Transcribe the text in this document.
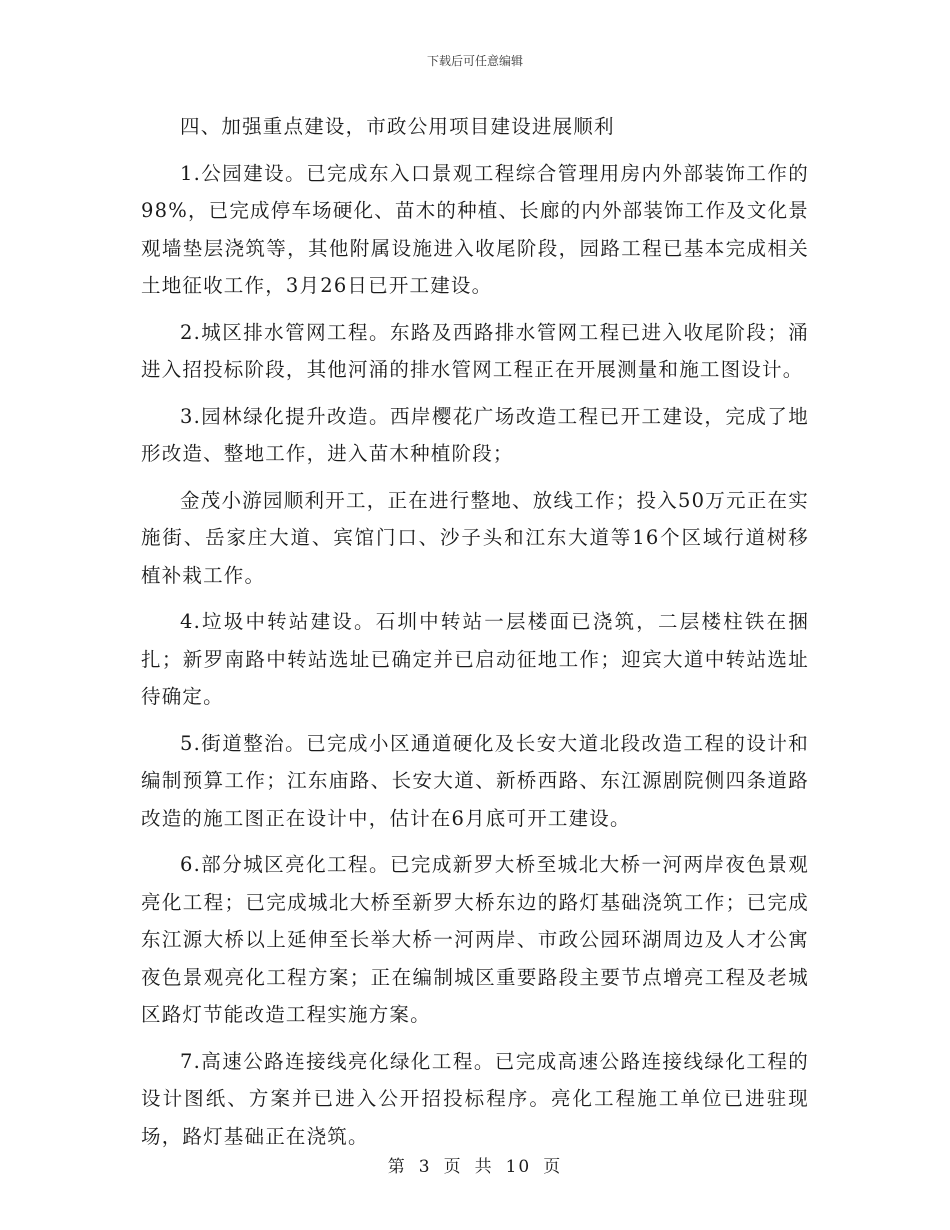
下载后可任意编辑

四、加强重点建设，市政公用项目建设进展顺利

1.公园建设。已完成东入口景观工程综合管理用房内外部装饰工作的98%，已完成停车场硬化、苗木的种植、长廊的内外部装饰工作及文化景观墙垫层浇筑等，其他附属设施进入收尾阶段，园路工程已基本完成相关土地征收工作，3月26日已开工建设。

2.城区排水管网工程。东路及西路排水管网工程已进入收尾阶段；涌进入招投标阶段，其他河涌的排水管网工程正在开展测量和施工图设计。

3.园林绿化提升改造。西岸樱花广场改造工程已开工建设，完成了地形改造、整地工作，进入苗木种植阶段；

金茂小游园顺利开工，正在进行整地、放线工作；投入50万元正在实施街、岳家庄大道、宾馆门口、沙子头和江东大道等16个区域行道树移植补栽工作。

4.垃圾中转站建设。石圳中转站一层楼面已浇筑，二层楼柱铁在捆扎；新罗南路中转站选址已确定并已启动征地工作；迎宾大道中转站选址待确定。

5.街道整治。已完成小区通道硬化及长安大道北段改造工程的设计和编制预算工作；江东庙路、长安大道、新桥西路、东江源剧院侧四条道路改造的施工图正在设计中，估计在6月底可开工建设。

6.部分城区亮化工程。已完成新罗大桥至城北大桥一河两岸夜色景观亮化工程；已完成城北大桥至新罗大桥东边的路灯基础浇筑工作；已完成东江源大桥以上延伸至长举大桥一河两岸、市政公园环湖周边及人才公寓夜色景观亮化工程方案；正在编制城区重要路段主要节点增亮工程及老城区路灯节能改造工程实施方案。

7.高速公路连接线亮化绿化工程。已完成高速公路连接线绿化工程的设计图纸、方案并已进入公开招投标程序。亮化工程施工单位已进驻现场，路灯基础正在浇筑。

第 3 页 共 10 页
